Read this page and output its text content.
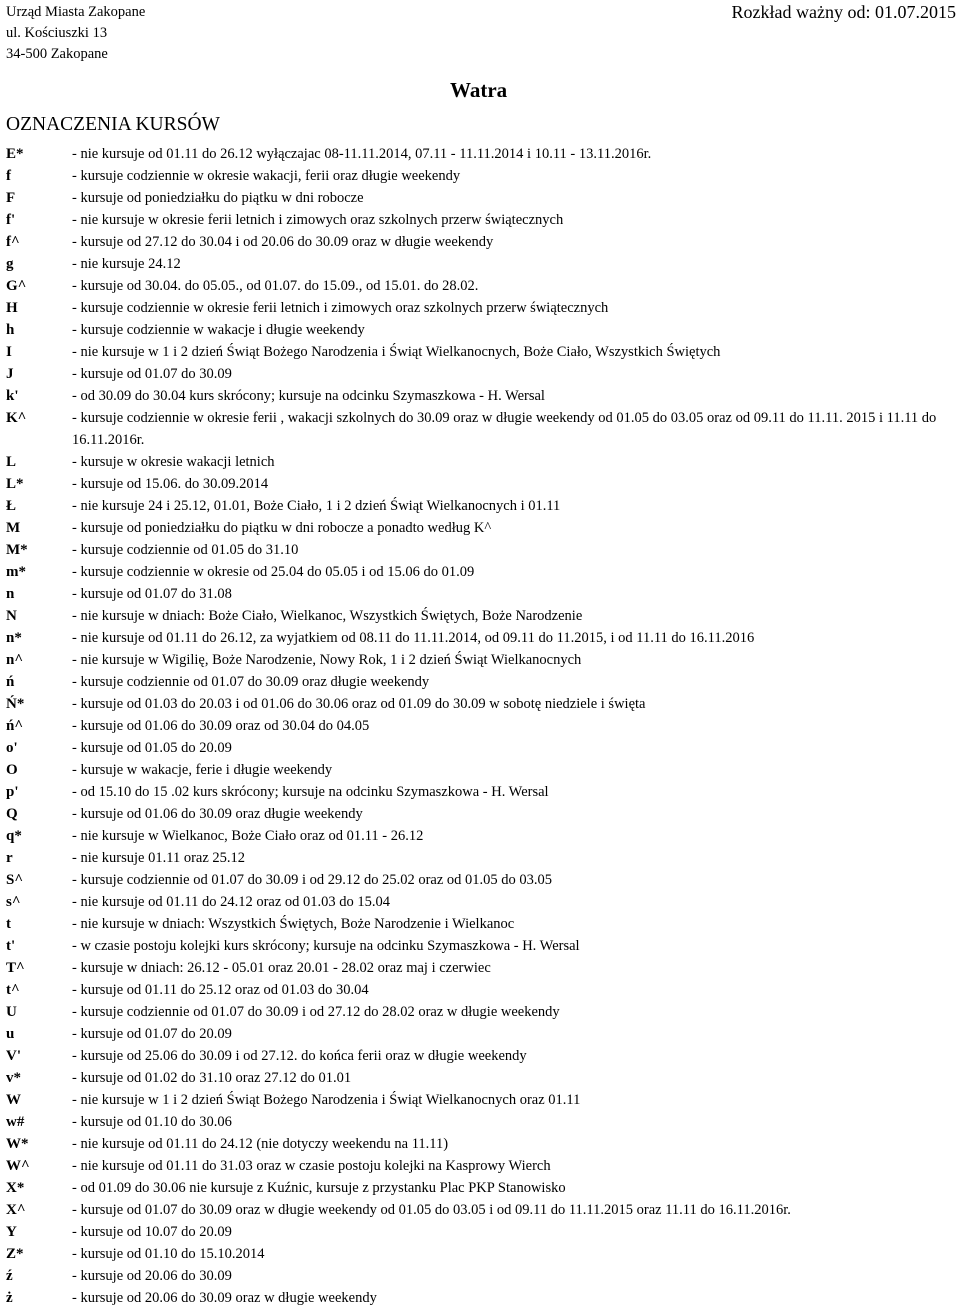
Urząd Miasta Zakopane
ul. Kościuszki 13
34-500 Zakopane
Rozkład ważny od: 01.07.2015
Watra
OZNACZENIA KURSÓW
E*	- nie kursuje od 01.11 do 26.12 wyłączajac 08-11.11.2014, 07.11 - 11.11.2014 i 10.11 - 13.11.2016r.
f	- kursuje codziennie w okresie wakacji, ferii oraz długie weekendy
F	- kursuje od poniedziałku do piątku w dni robocze
f'	- nie kursuje w okresie ferii letnich i zimowych oraz szkolnych przerw świątecznych
f^	- kursuje od 27.12 do 30.04 i od 20.06 do 30.09 oraz w długie weekendy
g	- nie kursuje 24.12
G^	- kursuje od 30.04. do 05.05., od 01.07. do 15.09., od 15.01. do 28.02.
H	- kursuje codziennie w okresie ferii letnich i zimowych oraz szkolnych przerw świątecznych
h	- kursuje codziennie w wakacje i długie weekendy
I	- nie kursuje w 1 i 2 dzień Świąt Bożego Narodzenia i Świąt Wielkanocnych, Boże Ciało, Wszystkich Świętych
J	- kursuje od 01.07 do 30.09
k'	- od 30.09 do 30.04 kurs skrócony; kursuje na odcinku Szymaszkowa - H. Wersal
K^	- kursuje codziennie w okresie ferii , wakacji szkolnych do 30.09 oraz w długie weekendy od 01.05 do 03.05 oraz od 09.11 do 11.11. 2015 i 11.11 do 16.11.2016r.
L	- kursuje w okresie wakacji letnich
L*	- kursuje od 15.06. do 30.09.2014
Ł	- nie kursuje 24 i 25.12, 01.01, Boże Ciało, 1 i 2 dzień Świąt Wielkanocnych i 01.11
M	- kursuje od poniedziałku do piątku w dni robocze a ponadto według K^
M*	- kursuje codziennie od 01.05 do 31.10
m*	- kursuje codziennie w okresie od 25.04 do 05.05 i od 15.06 do 01.09
n	- kursuje od 01.07 do 31.08
N	- nie kursuje w dniach: Boże Ciało, Wielkanoc, Wszystkich Świętych, Boże Narodzenie
n*	- nie kursuje od 01.11 do 26.12, za wyjatkiem od 08.11 do 11.11.2014, od 09.11 do 11.2015, i od 11.11 do 16.11.2016
n^	- nie kursuje w Wigilię, Boże Narodzenie, Nowy Rok, 1 i 2 dzień Świąt Wielkanocnych
ń	- kursuje codziennie od 01.07 do 30.09 oraz długie weekendy
Ń*	- kursuje od 01.03 do 20.03 i od 01.06 do 30.06 oraz od 01.09 do 30.09 w sobotę niedziele i święta
ń^	- kursuje od 01.06 do 30.09 oraz od 30.04 do 04.05
o'	- kursuje od 01.05 do 20.09
O	- kursuje w wakacje, ferie i długie weekendy
p'	- od 15.10 do 15 .02 kurs skrócony; kursuje na odcinku Szymaszkowa - H. Wersal
Q	- kursuje od 01.06 do 30.09 oraz długie weekendy
q*	- nie kursuje w Wielkanoc, Boże Ciało oraz od 01.11 - 26.12
r	- nie kursuje 01.11 oraz 25.12
S^	- kursuje codziennie od 01.07 do 30.09 i od 29.12 do 25.02 oraz od 01.05 do 03.05
s^	- nie kursuje od 01.11 do 24.12 oraz od 01.03 do 15.04
t	- nie kursuje w dniach: Wszystkich Świętych, Boże Narodzenie i Wielkanoc
t'	- w czasie postoju kolejki kurs skrócony; kursuje na odcinku Szymaszkowa - H. Wersal
T^	- kursuje w dniach: 26.12 - 05.01 oraz 20.01 - 28.02 oraz maj i czerwiec
t^	- kursuje od 01.11 do 25.12 oraz od 01.03 do 30.04
U	- kursuje codziennie od 01.07 do 30.09 i od 27.12 do 28.02 oraz w długie weekendy
u	- kursuje od 01.07 do 20.09
V'	- kursuje od 25.06 do 30.09 i od 27.12. do końca ferii oraz w długie weekendy
v*	- kursuje od 01.02 do 31.10 oraz 27.12 do 01.01
W	- nie kursuje w 1 i 2 dzień Świąt Bożego Narodzenia i Świąt Wielkanocnych oraz 01.11
w#	- kursuje od 01.10 do 30.06
W*	- nie kursuje od 01.11 do 24.12 (nie dotyczy weekendu na 11.11)
W^	- nie kursuje od 01.11 do 31.03 oraz w czasie postoju kolejki na Kasprowy Wierch
X*	- od 01.09 do 30.06 nie kursuje z Kuźnic, kursuje z przystanku Plac PKP Stanowisko
X^	- kursuje od 01.07 do 30.09 oraz w długie weekendy od 01.05 do 03.05 i od 09.11 do 11.11.2015 oraz 11.11 do 16.11.2016r.
Y	- kursuje od 10.07 do 20.09
Z*	- kursuje od 01.10 do 15.10.2014
ź	- kursuje od 20.06 do 30.09
ż	- kursuje od 20.06 do 30.09 oraz w długie weekendy
